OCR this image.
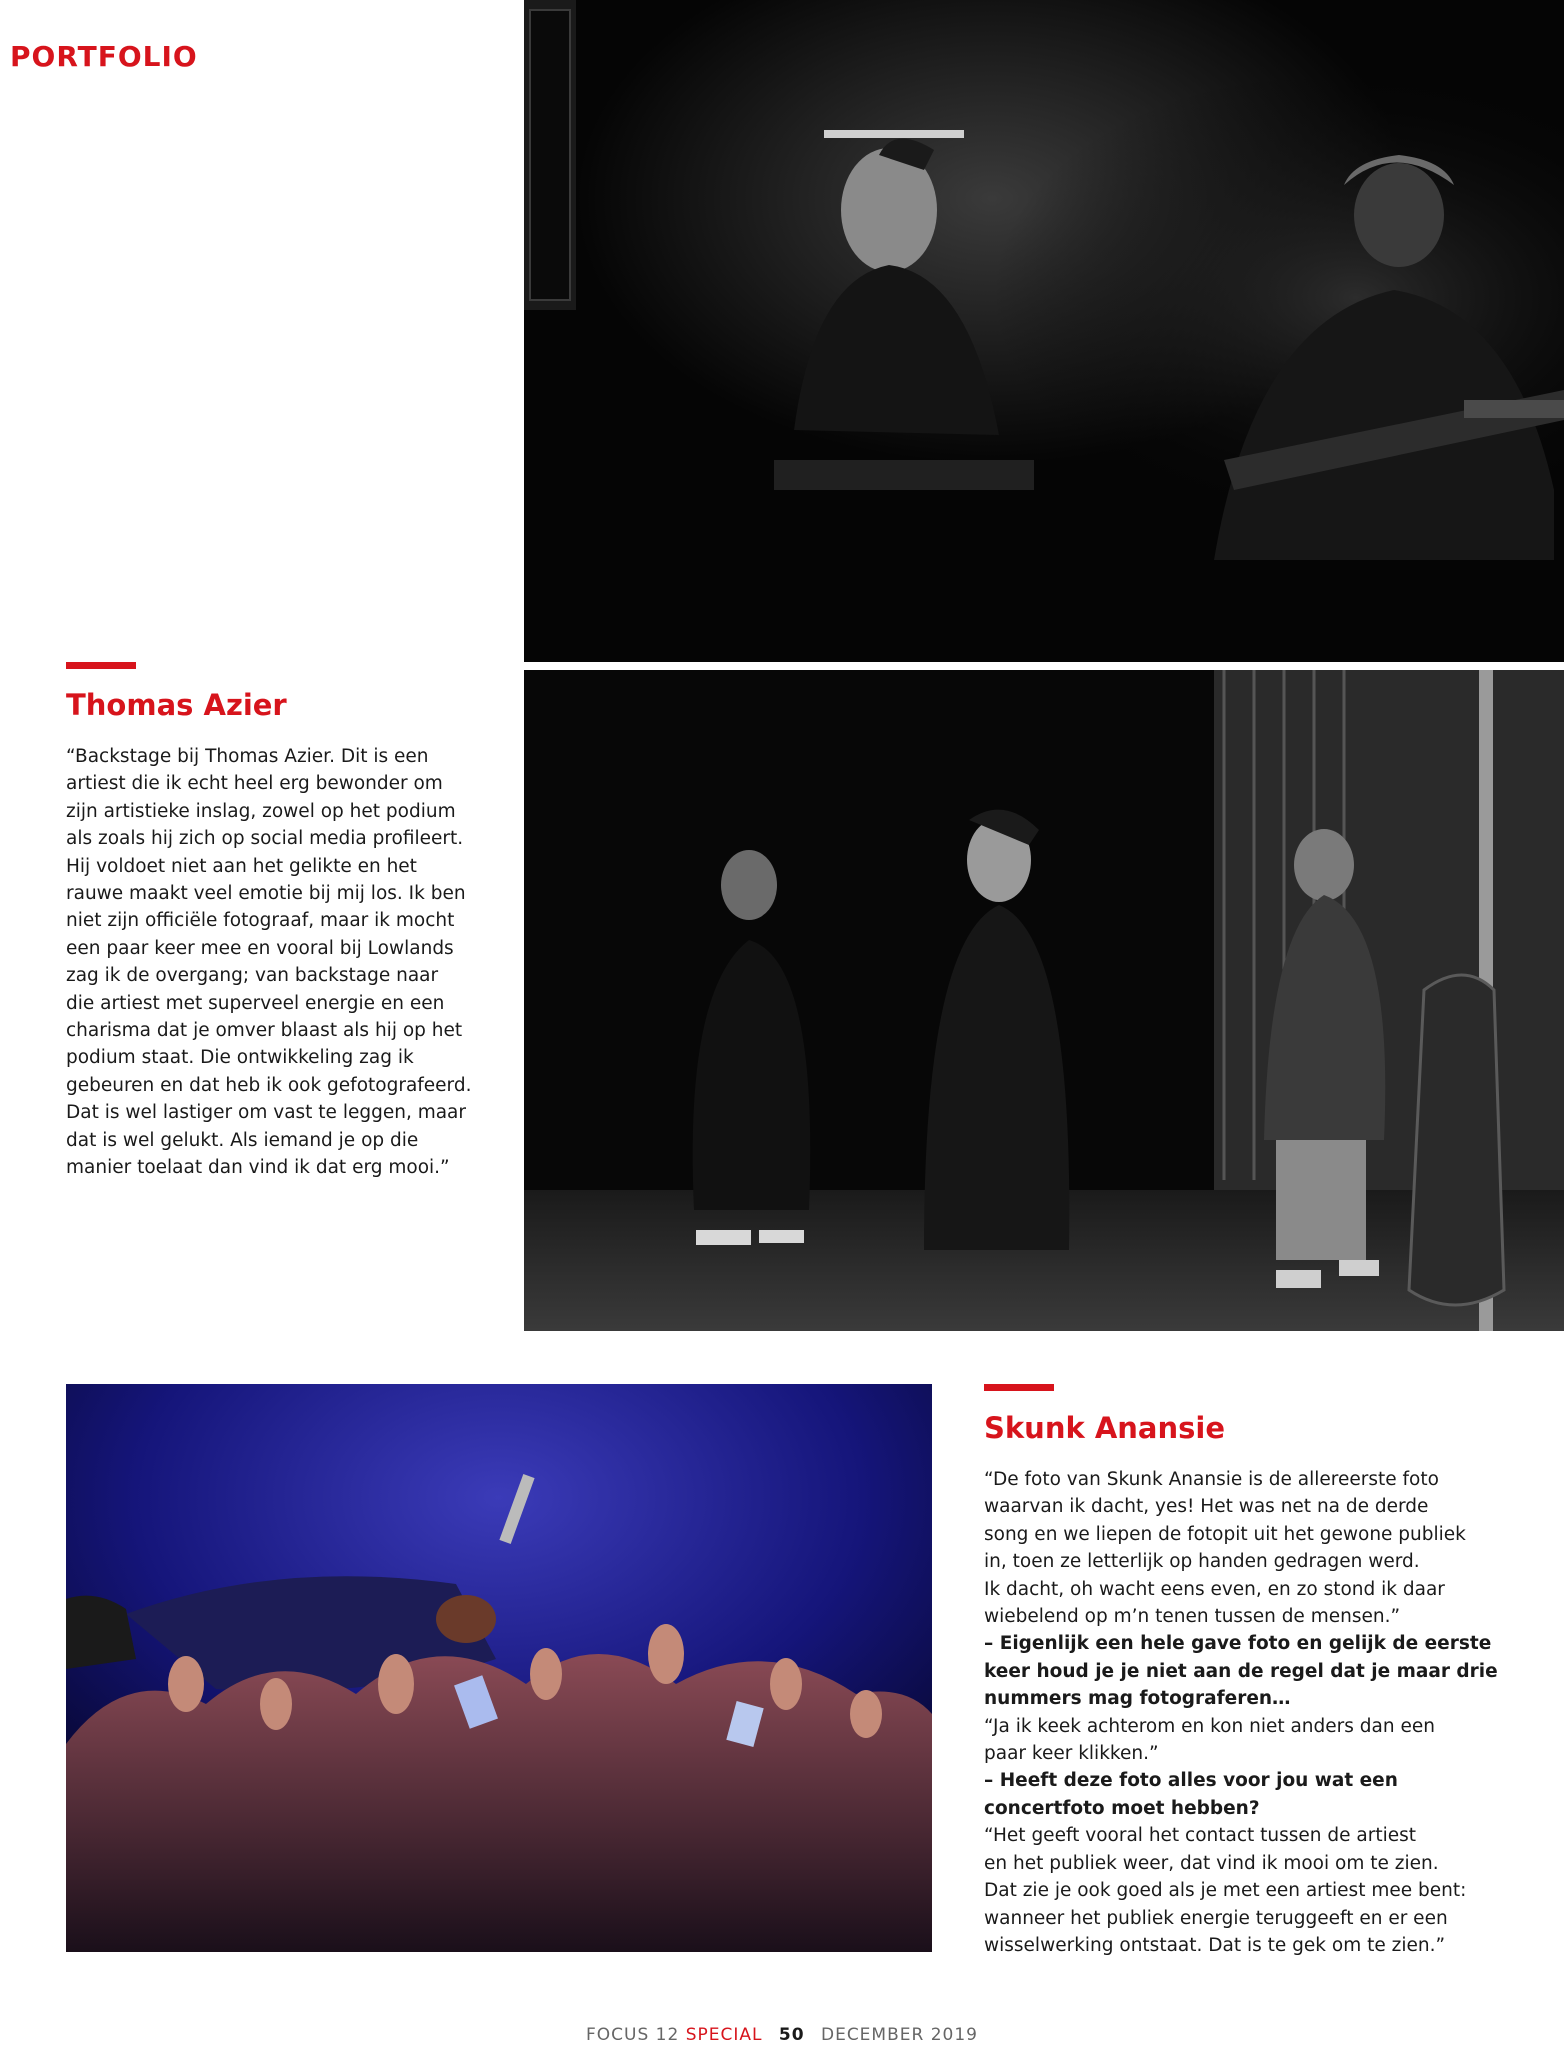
PORTFOLIO
Thomas Azier
“Backstage bij Thomas Azier. Dit is een
artiest die ik echt heel erg bewonder om
zijn artistieke inslag, zowel op het podium
als zoals hij zich op social media profileert.
Hij voldoet niet aan het gelikte en het
rauwe maakt veel emotie bij mij los. Ik ben
niet zijn officiële fotograaf, maar ik mocht
een paar keer mee en vooral bij Lowlands
zag ik de overgang; van backstage naar
die artiest met superveel energie en een
charisma dat je omver blaast als hij op het
podium staat. Die ontwikkeling zag ik
gebeuren en dat heb ik ook gefotografeerd.
Dat is wel lastiger om vast te leggen, maar
dat is wel gelukt. Als iemand je op die
manier toelaat dan vind ik dat erg mooi.”
Skunk Anansie
“De foto van Skunk Anansie is de allereerste foto
waarvan ik dacht, yes! Het was net na de derde
song en we liepen de fotopit uit het gewone publiek
in, toen ze letterlijk op handen gedragen werd.
Ik dacht, oh wacht eens even, en zo stond ik daar
wiebelend op m’n tenen tussen de mensen.”
– Eigenlijk een hele gave foto en gelijk de eerste
keer houd je je niet aan de regel dat je maar drie
nummers mag fotograferen…
“Ja ik keek achterom en kon niet anders dan een
paar keer klikken.”
– Heeft deze foto alles voor jou wat een
concertfoto moet hebben?
“Het geeft vooral het contact tussen de artiest
en het publiek weer, dat vind ik mooi om te zien.
Dat zie je ook goed als je met een artiest mee bent:
wanneer het publiek energie teruggeeft en er een
wisselwerking ontstaat. Dat is te gek om te zien.”
FOCUS 12 SPECIAL 50 DECEMBER 2019
